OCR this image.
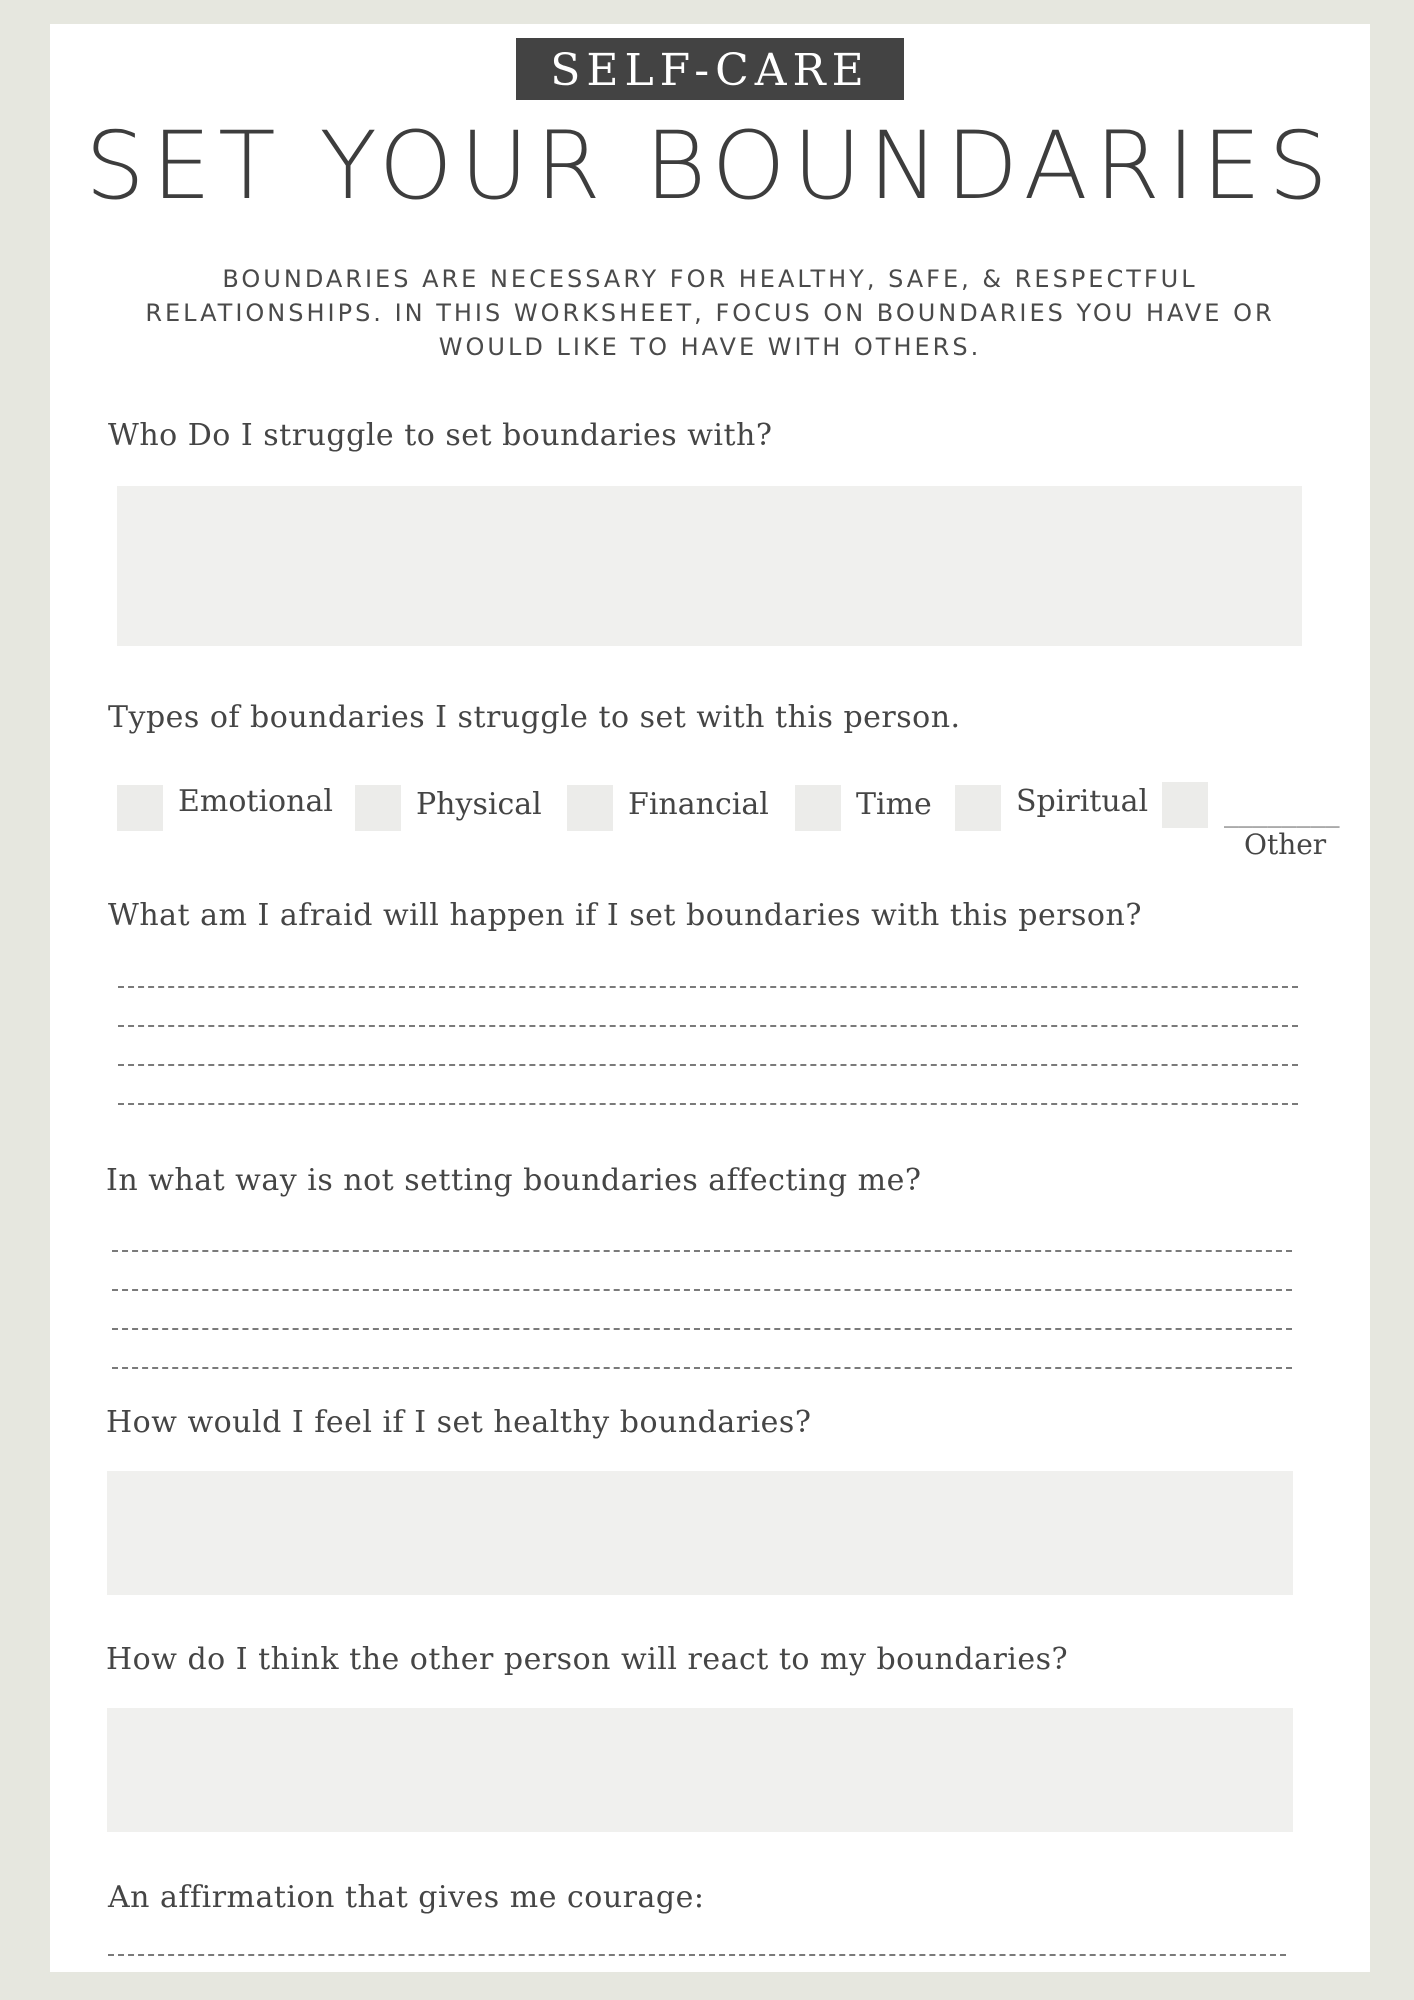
SELF-CARE
SET YOUR BOUNDARIES
BOUNDARIES ARE NECESSARY FOR HEALTHY, SAFE, & RESPECTFUL RELATIONSHIPS. IN THIS WORKSHEET, FOCUS ON BOUNDARIES YOU HAVE OR WOULD LIKE TO HAVE WITH OTHERS.
Who Do I struggle to set boundaries with?
Types of boundaries I struggle to set with this person.
Emotional	Physical	Financial	Time	Spiritual	________
Other
What am I afraid will happen if I set boundaries with this person?
In what way is not setting boundaries affecting me?
How would I feel if I set healthy boundaries?
How do I think the other person will react to my boundaries?
An affirmation that gives me courage:
